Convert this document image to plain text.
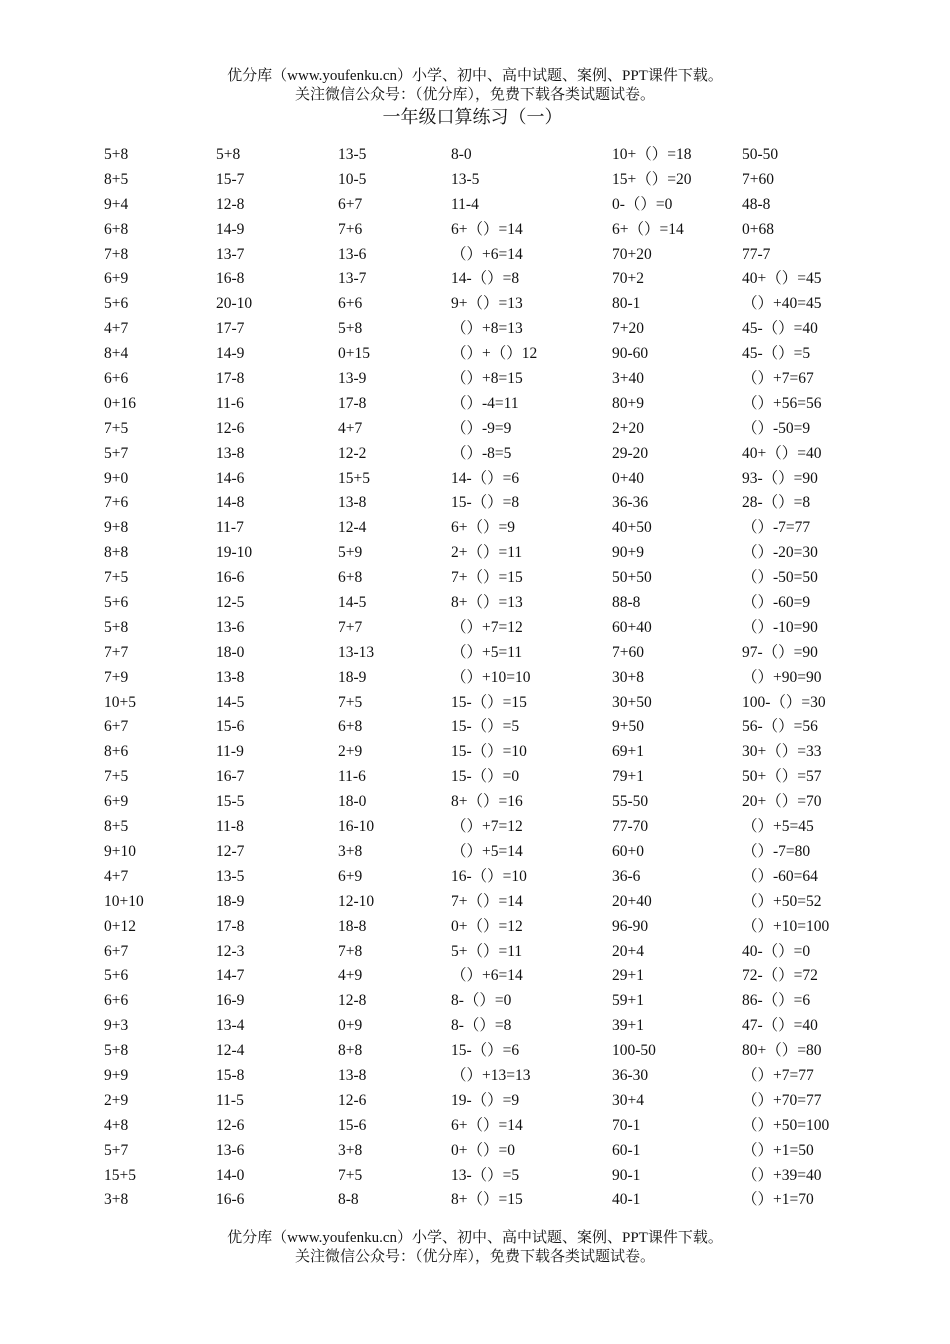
优分库（www.youfenku.cn）小学、初中、高中试题、案例、PPT课件下载。
关注微信公众号：（优分库），免费下载各类试题试卷。
一年级口算练习（一）
5+8	5+8	13-5	8-0	10+（）=18	50-50
8+5	15-7	10-5	13-5	15+（）=20	7+60
9+4	12-8	6+7	11-4	0-（）=0	48-8
6+8	14-9	7+6	6+（）=14	6+（）=14	0+68
7+8	13-7	13-6	（）+6=14	70+20	77-7
6+9	16-8	13-7	14-（）=8	70+2	40+（）=45
5+6	20-10	6+6	9+（）=13	80-1	（）+40=45
4+7	17-7	5+8	（）+8=13	7+20	45-（）=40
8+4	14-9	0+15	（）+（）12	90-60	45-（）=5
6+6	17-8	13-9	（）+8=15	3+40	（）+7=67
0+16	11-6	17-8	（）-4=11	80+9	（）+56=56
7+5	12-6	4+7	（）-9=9	2+20	（）-50=9
5+7	13-8	12-2	（）-8=5	29-20	40+（）=40
9+0	14-6	15+5	14-（）=6	0+40	93-（）=90
7+6	14-8	13-8	15-（）=8	36-36	28-（）=8
9+8	11-7	12-4	6+（）=9	40+50	（）-7=77
8+8	19-10	5+9	2+（）=11	90+9	（）-20=30
7+5	16-6	6+8	7+（）=15	50+50	（）-50=50
5+6	12-5	14-5	8+（）=13	88-8	（）-60=9
5+8	13-6	7+7	（）+7=12	60+40	（）-10=90
7+7	18-0	13-13	（）+5=11	7+60	97-（）=90
7+9	13-8	18-9	（）+10=10	30+8	（）+90=90
10+5	14-5	7+5	15-（）=15	30+50	100-（）=30
6+7	15-6	6+8	15-（）=5	9+50	56-（）=56
8+6	11-9	2+9	15-（）=10	69+1	30+（）=33
7+5	16-7	11-6	15-（）=0	79+1	50+（）=57
6+9	15-5	18-0	8+（）=16	55-50	20+（）=70
8+5	11-8	16-10	（）+7=12	77-70	（）+5=45
9+10	12-7	3+8	（）+5=14	60+0	（）-7=80
4+7	13-5	6+9	16-（）=10	36-6	（）-60=64
10+10	18-9	12-10	7+（）=14	20+40	（）+50=52
0+12	17-8	18-8	0+（）=12	96-90	（）+10=100
6+7	12-3	7+8	5+（）=11	20+4	40-（）=0
5+6	14-7	4+9	（）+6=14	29+1	72-（）=72
6+6	16-9	12-8	8-（）=0	59+1	86-（）=6
9+3	13-4	0+9	8-（）=8	39+1	47-（）=40
5+8	12-4	8+8	15-（）=6	100-50	80+（）=80
9+9	15-8	13-8	（）+13=13	36-30	（）+7=77
2+9	11-5	12-6	19-（）=9	30+4	（）+70=77
4+8	12-6	15-6	6+（）=14	70-1	（）+50=100
5+7	13-6	3+8	0+（）=0	60-1	（）+1=50
15+5	14-0	7+5	13-（）=5	90-1	（）+39=40
3+8	16-6	8-8	8+（）=15	40-1	（）+1=70
优分库（www.youfenku.cn）小学、初中、高中试题、案例、PPT课件下载。
关注微信公众号：（优分库），免费下载各类试题试卷。
